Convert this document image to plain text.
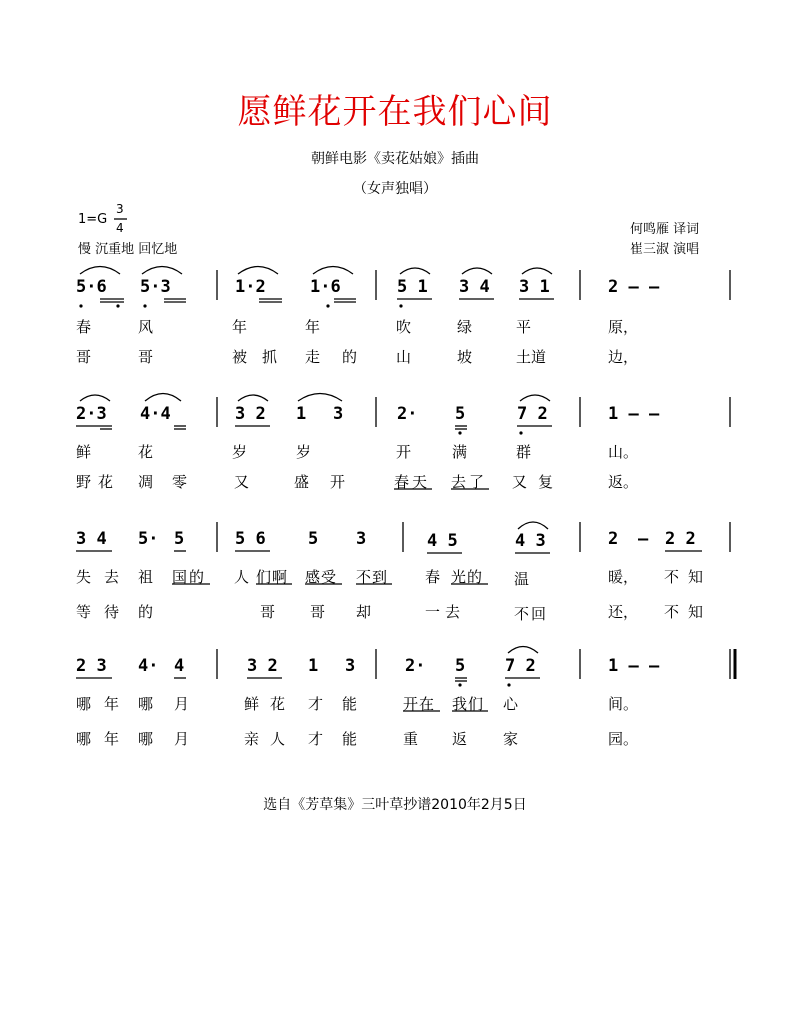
愿鲜花开在我们心间
朝鲜电影《卖花姑娘》插曲
（女声独唱）
1=G
3
4
慢 沉重地 回忆地
何鸣雁 译词
崔三淑 演唱
5·6 5·3	1·2	1·6	5 1 3 4 3 1	2 – –
春	风	年	年	吹	绿	平	原，
哥	哥	被 抓 走 的	山	坡	土道	边，
2·3 4·4	3 2 1 3	2· 5	7 2	1 – –
鲜	花	岁	岁	开	满	群	山。
野 花 凋 零	又	盛 开	春天 去了 又 复	返。
3 4 5· 5	5 6 5 3	4 5	4 3	2 – 2 2
失 去 祖 国的 人 们啊 感受 不到 春 光的 温	暖， 不 知
等 待 的	哥 哥 却	一去	不回	还， 不 知
2 3 4· 4	3 2 1 3	2· 5 7 2	1 – –
哪 年 哪 月	鲜 花 才 能	开在 我们 心	间。
哪 年 哪 月	亲 人 才 能	重 返 家	园。
选自《芳草集》三叶草抄谱2010年2月5日
